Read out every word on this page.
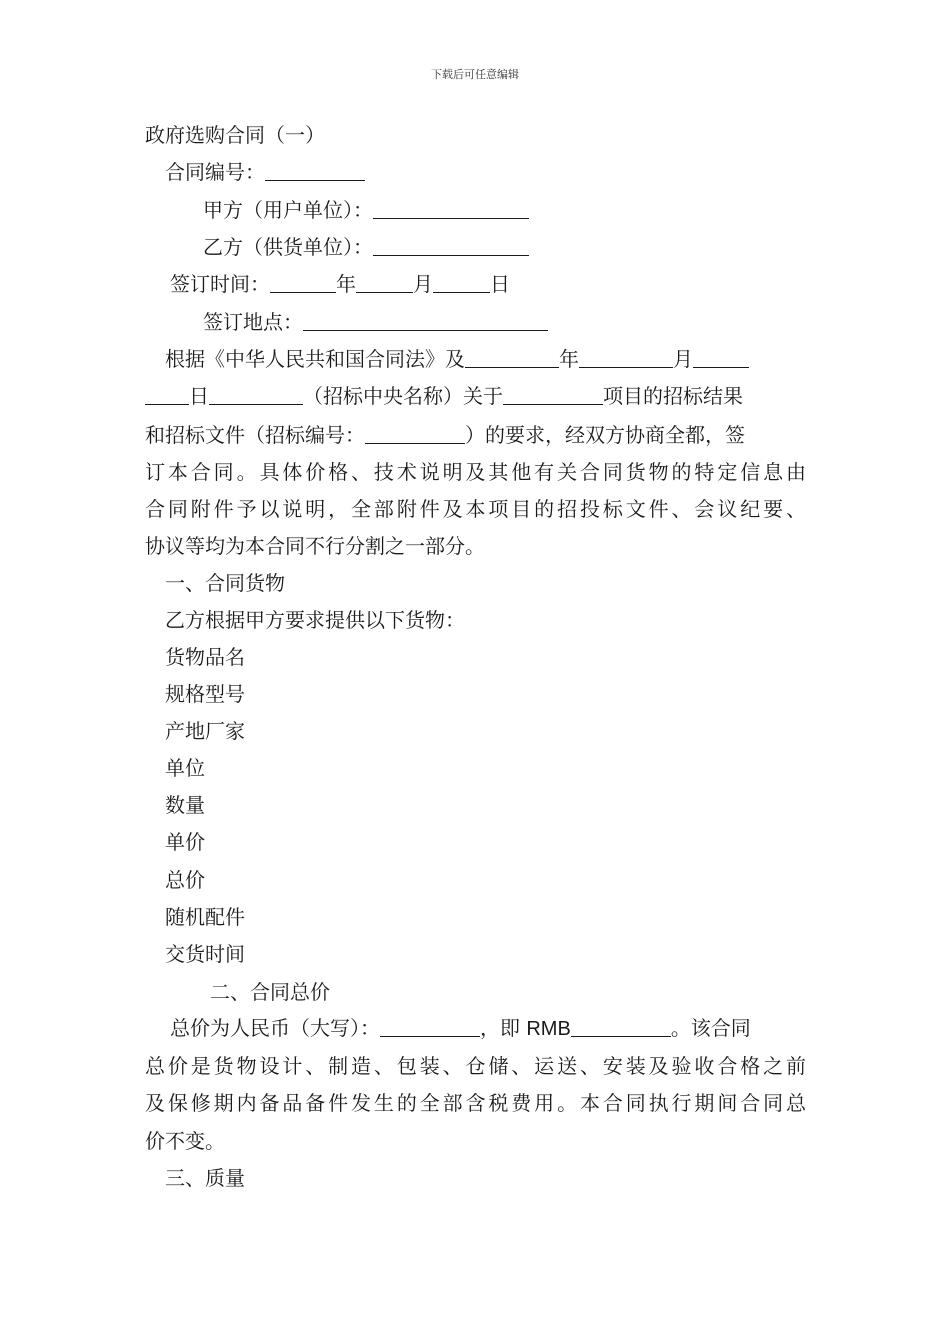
下载后可任意编辑

政府选购合同（一）

合同编号：

甲方（用户单位）：

乙方（供货单位）：

签订时间：	年	月	日

签订地点：

根据《中华人民共和国合同法》及	年	月

日	（招标中央名称）关于	项目的招标结果

和招标文件（招标编号：	）的要求，经双方协商全都，签

订本合同。具体价格、技术说明及其他有关合同货物的特定信息由

合同附件予以说明，全部附件及本项目的招投标文件、会议纪要、

协议等均为本合同不行分割之一部分。

一、合同货物

乙方根据甲方要求提供以下货物：

货物品名

规格型号

产地厂家

单位

数量

单价

总价

随机配件

交货时间

二、合同总价

总价为人民币（大写）：	，即 RMB	。该合同

总价是货物设计、制造、包装、仓储、运送、安装及验收合格之前

及保修期内备品备件发生的全部含税费用。本合同执行期间合同总

价不变。

三、质量
